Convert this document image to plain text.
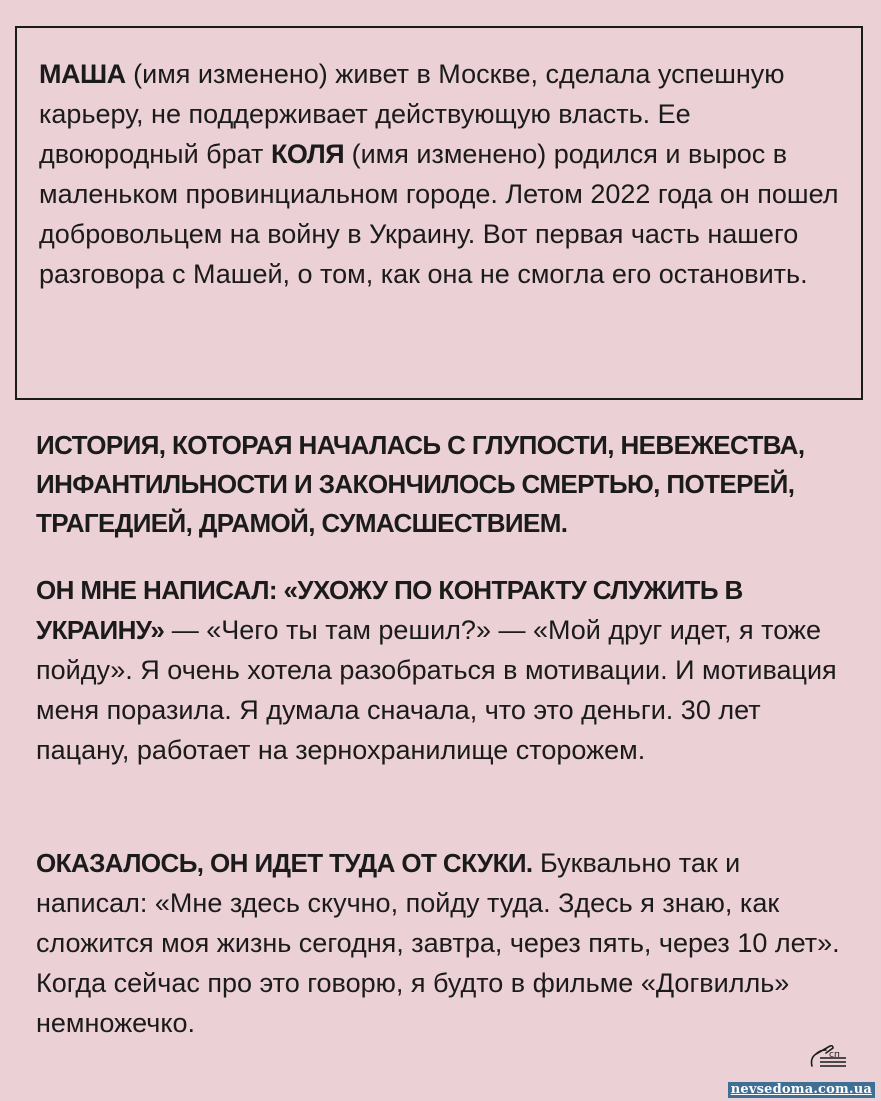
МАША (имя изменено) живет в Москве, сделала успешную карьеру, не поддерживает действующую власть. Ее двоюродный брат КОЛЯ (имя изменено) родился и вырос в маленьком провинциальном городе. Летом 2022 года он пошел добровольцем на войну в Украину. Вот первая часть нашего разговора с Машей, о том, как она не смогла его остановить.

ИСТОРИЯ, КОТОРАЯ НАЧАЛАСЬ С ГЛУПОСТИ, НЕВЕЖЕСТВА, ИНФАНТИЛЬНОСТИ И ЗАКОНЧИЛОСЬ СМЕРТЬЮ, ПОТЕРЕЙ, ТРАГЕДИЕЙ, ДРАМОЙ, СУМАСШЕСТВИЕМ.

ОН МНЕ НАПИСАЛ: «УХОЖУ ПО КОНТРАКТУ СЛУЖИТЬ В УКРАИНУ» — «Чего ты там решил?» — «Мой друг идет, я тоже пойду». Я очень хотела разобраться в мотивации. И мотивация меня поразила. Я думала сначала, что это деньги. 30 лет пацану, работает на зернохранилище сторожем.

ОКАЗАЛОСЬ, ОН ИДЕТ ТУДА ОТ СКУКИ. Буквально так и написал: «Мне здесь скучно, пойду туда. Здесь я знаю, как сложится моя жизнь сегодня, завтра, через пять, через 10 лет». Когда сейчас про это говорю, я будто в фильме «Догвилль» немножечко.

сп
nevsedoma.com.ua
